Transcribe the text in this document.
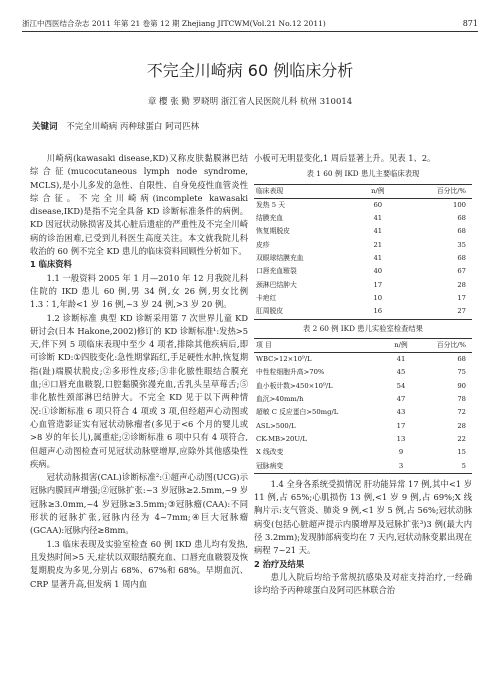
浙江中西医结合杂志 2011 年第 21 卷第 12 期 Zhejiang JITCWM(Vol.21 No.12 2011)	871
不完全川崎病 60 例临床分析
章 樱 张 勤 罗晓明 浙江省人民医院儿科 杭州 310014
关键词 不完全川崎病 丙种球蛋白 阿司匹林

川崎病(kawasaki disease,KD)又称皮肤黏膜淋巴结综合征(mucocutaneous lymph node syndrome, MCLS),是小儿多发的急性、自限性、自身免疫性血管炎性综合征。不完全川崎病(incomplete kawasaki disease,IKD)是指不完全具备 KD 诊断标准条件的病例。KD 因冠状动脉损害及其心脏后遗症的严重性及不完全川崎病的诊治困难,已受到儿科医生高度关注。本文就我院儿科收治的 60 例不完全 KD 患儿的临床资料回顾性分析如下。

1 临床资料

1.1 一般资料 2005 年 1 月—2010 年 12 月我院儿科住院的 IKD 患儿 60 例,男 34 例,女 26 例,男女比例 1.3∶1,年龄<1 岁 16 例,~3 岁 24 例,>3 岁 20 例。

1.2 诊断标准 典型 KD 诊断采用第 7 次世界儿童 KD 研讨会(日本 Hakone,2002)修订的 KD 诊断标准¹:发热>5 天,伴下列 5 项临床表现中至少 4 项者,排除其他疾病后,即可诊断 KD:①四肢变化:急性期掌跖红,手足硬性水肿,恢复期指(趾)端膜状脱皮;②多形性皮疹;③非化脓性眼结合膜充血;④口唇充血皲裂,口腔黏膜弥漫充血,舌乳头呈草莓舌;⑤非化脓性颈部淋巴结肿大。不完全 KD 见于以下两种情况:①诊断标准 6 项只符合 4 项或 3 项,但经超声心动图或心血管造影证实有冠状动脉瘤者(多见于<6 个月的婴儿或>8 岁的年长儿),属重症;②诊断标准 6 项中只有 4 项符合,但超声心动图检查可见冠状动脉壁增厚,应除外其他感染性疾病。

冠状动脉损害(CAL)诊断标准²:①超声心动图(UCG)示冠脉内膜回声增强;②冠脉扩张:~3 岁冠脉≥2.5mm,~9 岁冠脉≥3.0mm,~4 岁冠脉≥3.5mm;③冠脉瘤(CAA):不同形状的冠脉扩张,冠脉内径为 4~7mm;④巨大冠脉瘤(GCAA):冠脉内径≥8mm。

1.3 临床表现及实验室检查 60 例 IKD 患儿均有发热,且发热时间>5 天,症状以双眼结膜充血、口唇充血皲裂及恢复期脱皮为多见,分别占 68%、67%和 68%。早期血沉、CRP 显著升高,但发病 1 周内血

小板可无明显变化,1 周后显著上升。见表 1、2。

表 1 60 例 IKD 患儿主要临床表现
临床表现	n/例	百分比/%
发热 5 天	60	100
结膜充血	41	68
恢复期脱皮	41	68
皮疹	21	35
双眼球结膜充血	41	68
口唇充血皲裂	40	67
颈淋巴结肿大	17	28
卡疤红	10	17
肛周脱皮	16	27
表 2 60 例 IKD 患儿实验室检查结果
项 目	n/例	百分比/%
WBC>12×10⁹/L	41	68
中性粒细胞升高>70%	45	75
血小板计数>450×10⁹/L	54	90
血沉>40mm/h	47	78
超敏 C 反应蛋白>50mg/L	43	72
ASL>500/L	17	28
CK-MB>20U/L	13	22
X 线改变	9	15
冠脉病变	3	5

1.4 全身各系统受损情况 肝功能异常 17 例,其中<1 岁 11 例,占 65%;心肌损伤 13 例,<1 岁 9 例,占 69%;X 线胸片示:支气管炎、肺炎 9 例,<1 岁 5 例,占 56%;冠状动脉病变(包括心脏超声提示内膜增厚及冠脉扩张³)3 例(最大内径 3.2mm);发现肺部病变均在 7 天内,冠状动脉变累出现在病程 7~21 天。

2 治疗及结果

患儿入院后均给予常规抗感染及对症支持治疗,一经确诊均给予丙种球蛋白及阿司匹林联合治
